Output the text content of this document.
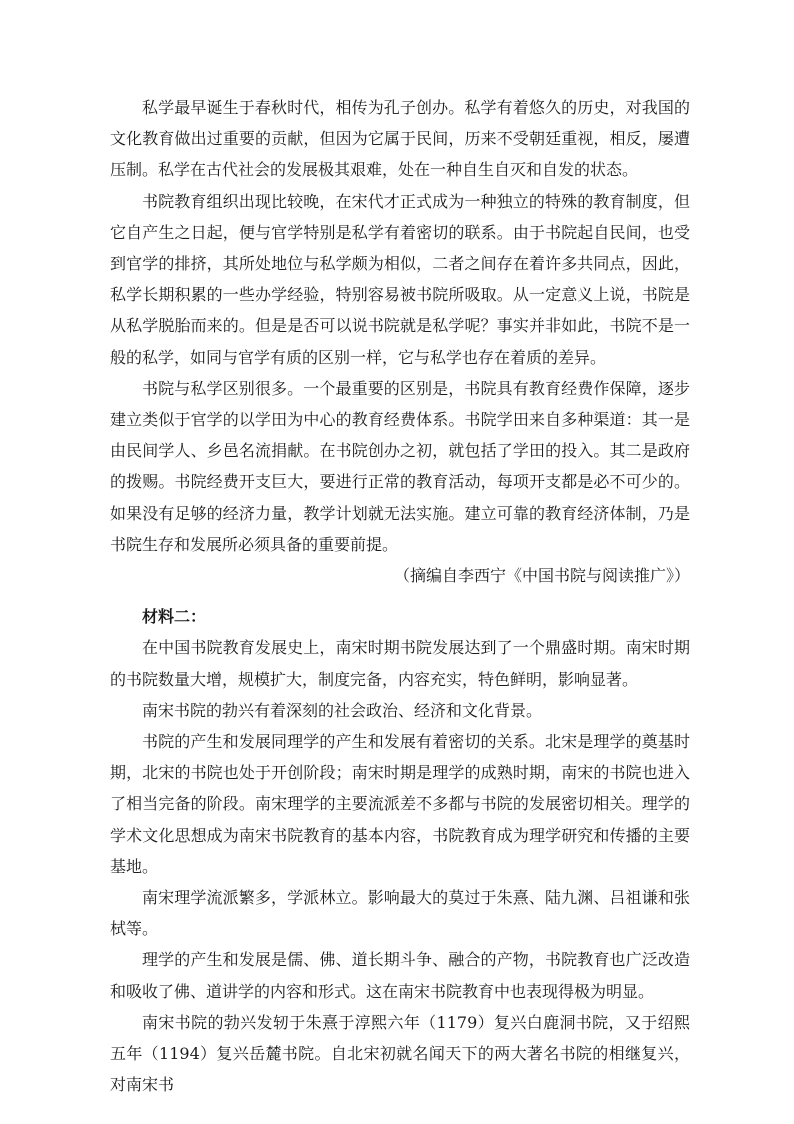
私学最早诞生于春秋时代，相传为孔子创办。私学有着悠久的历史，对我国的文化教育做出过重要的贡献，但因为它属于民间，历来不受朝廷重视，相反，屡遭压制。私学在古代社会的发展极其艰难，处在一种自生自灭和自发的状态。

书院教育组织出现比较晚，在宋代才正式成为一种独立的特殊的教育制度，但它自产生之日起，便与官学特别是私学有着密切的联系。由于书院起自民间，也受到官学的排挤，其所处地位与私学颇为相似，二者之间存在着许多共同点，因此，私学长期积累的一些办学经验，特别容易被书院所吸取。从一定意义上说，书院是从私学脱胎而来的。但是是否可以说书院就是私学呢？事实并非如此，书院不是一般的私学，如同与官学有质的区别一样，它与私学也存在着质的差异。

书院与私学区别很多。一个最重要的区别是，书院具有教育经费作保障，逐步建立类似于官学的以学田为中心的教育经费体系。书院学田来自多种渠道：其一是由民间学人、乡邑名流捐献。在书院创办之初，就包括了学田的投入。其二是政府的拨赐。书院经费开支巨大，要进行正常的教育活动，每项开支都是必不可少的。如果没有足够的经济力量，教学计划就无法实施。建立可靠的教育经济体制，乃是书院生存和发展所必须具备的重要前提。

（摘编自李西宁《中国书院与阅读推广》）

材料二：

在中国书院教育发展史上，南宋时期书院发展达到了一个鼎盛时期。南宋时期的书院数量大增，规模扩大，制度完备，内容充实，特色鲜明，影响显著。

南宋书院的勃兴有着深刻的社会政治、经济和文化背景。

书院的产生和发展同理学的产生和发展有着密切的关系。北宋是理学的奠基时期，北宋的书院也处于开创阶段；南宋时期是理学的成熟时期，南宋的书院也进入了相当完备的阶段。南宋理学的主要流派差不多都与书院的发展密切相关。理学的学术文化思想成为南宋书院教育的基本内容，书院教育成为理学研究和传播的主要基地。

南宋理学流派繁多，学派林立。影响最大的莫过于朱熹、陆九渊、吕祖谦和张栻等。

理学的产生和发展是儒、佛、道长期斗争、融合的产物，书院教育也广泛改造和吸收了佛、道讲学的内容和形式。这在南宋书院教育中也表现得极为明显。

南宋书院的勃兴发轫于朱熹于淳熙六年（1179）复兴白鹿洞书院，又于绍熙五年（1194）复兴岳麓书院。自北宋初就名闻天下的两大著名书院的相继复兴，对南宋书
